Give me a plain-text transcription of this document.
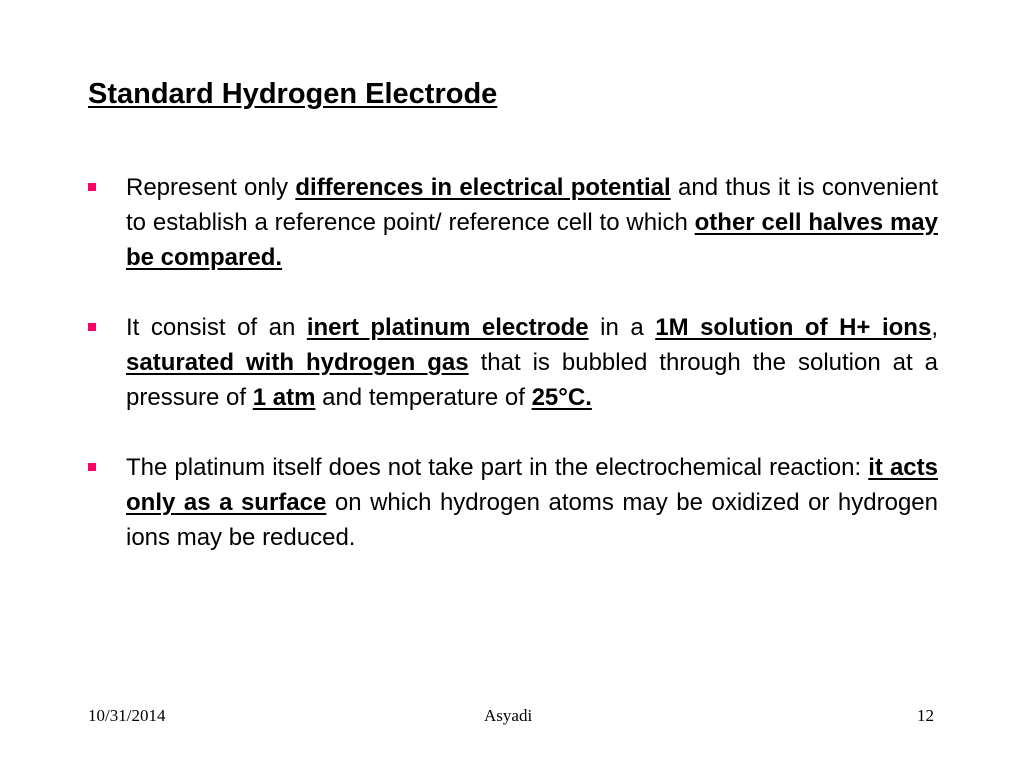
Standard Hydrogen Electrode
Represent only differences in electrical potential and thus it is convenient to establish a reference point/ reference cell to which other cell halves may be compared.
It consist of an inert platinum electrode in a 1M solution of H+ ions, saturated with hydrogen gas that is bubbled through the solution at a pressure of 1 atm and temperature of 25°C.
The platinum itself does not take part in the electrochemical reaction: it acts only as a surface on which hydrogen atoms may be oxidized or hydrogen ions may be reduced.
10/31/2014	Asyadi	12
